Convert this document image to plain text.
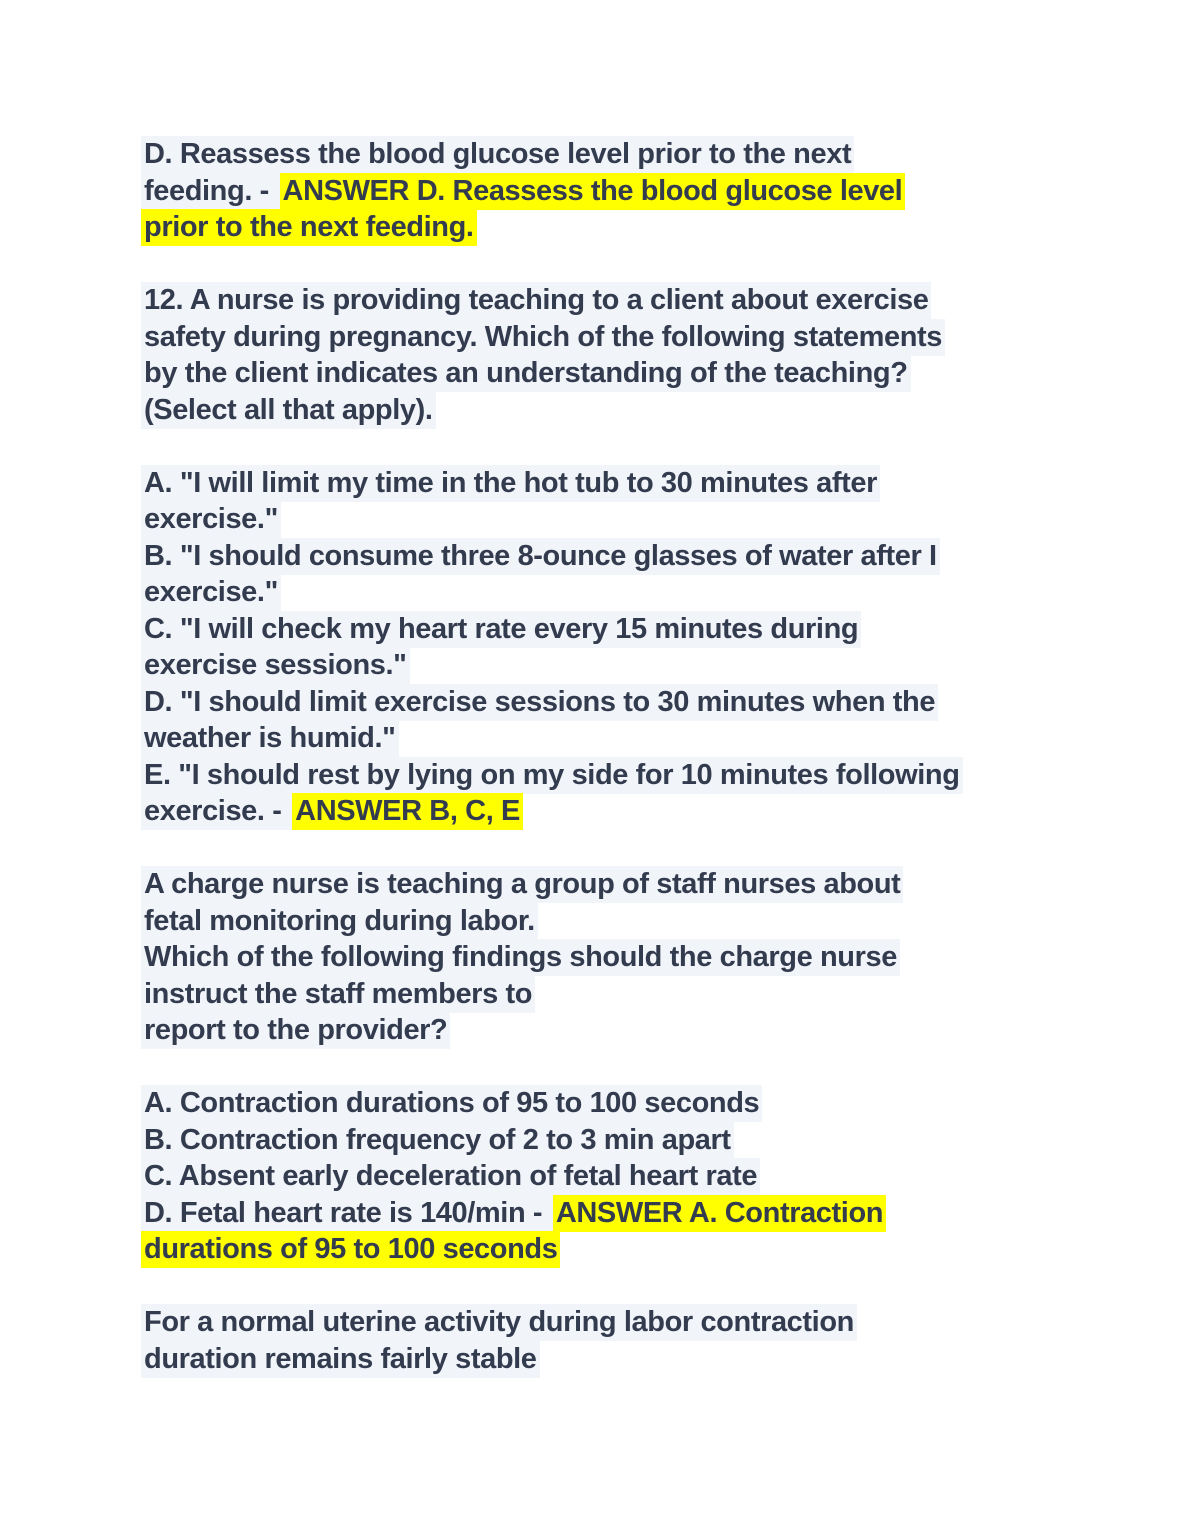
D. Reassess the blood glucose level prior to the next
feeding. - ANSWER D. Reassess the blood glucose level
prior to the next feeding.

12. A nurse is providing teaching to a client about exercise
safety during pregnancy. Which of the following statements
by the client indicates an understanding of the teaching?
(Select all that apply).

A. "I will limit my time in the hot tub to 30 minutes after
exercise."
B. "I should consume three 8-ounce glasses of water after I
exercise."
C. "I will check my heart rate every 15 minutes during
exercise sessions."
D. "I should limit exercise sessions to 30 minutes when the
weather is humid."
E. "I should rest by lying on my side for 10 minutes following
exercise. - ANSWER B, C, E

A charge nurse is teaching a group of staff nurses about
fetal monitoring during labor.
Which of the following findings should the charge nurse
instruct the staff members to
report to the provider?

A. Contraction durations of 95 to 100 seconds
B. Contraction frequency of 2 to 3 min apart
C. Absent early deceleration of fetal heart rate
D. Fetal heart rate is 140/min - ANSWER A. Contraction
durations of 95 to 100 seconds

For a normal uterine activity during labor contraction
duration remains fairly stable
